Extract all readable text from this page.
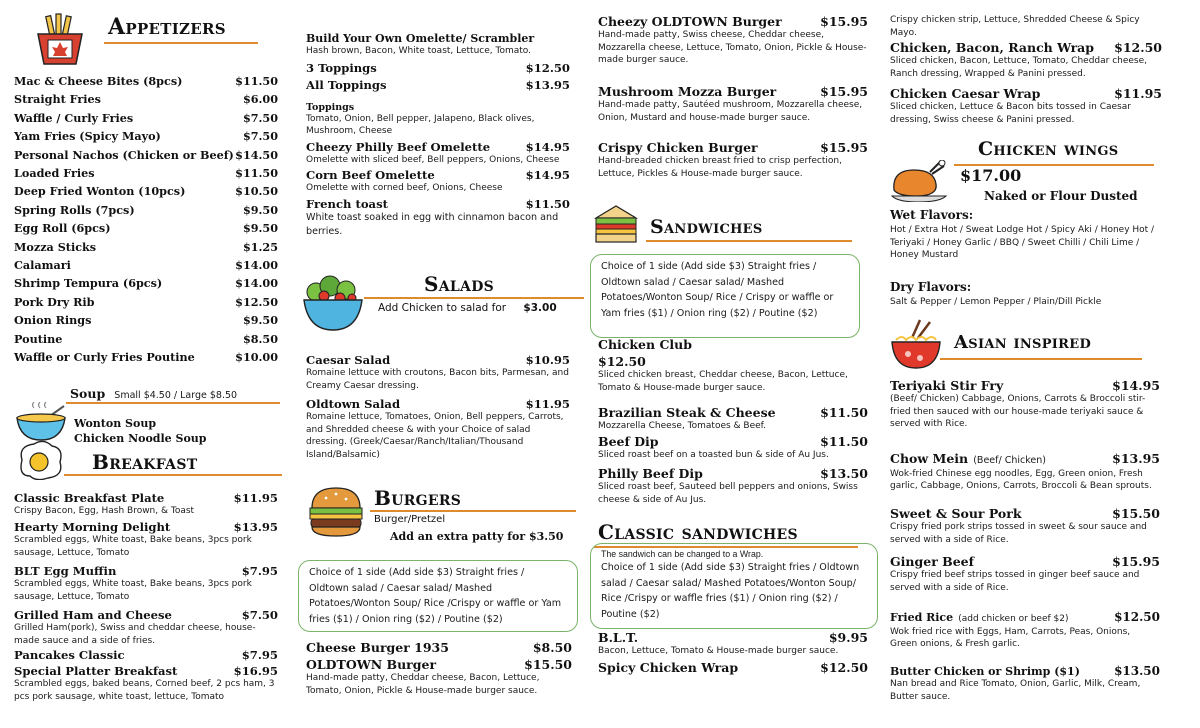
Appetizers
Mac & Cheese Bites (8pcs)	$11.50
Straight Fries	$6.00
Waffle / Curly Fries	$7.50
Yam Fries (Spicy Mayo)	$7.50
Personal Nachos (Chicken or Beef) $14.50
Loaded Fries	$11.50
Deep Fried Wonton (10pcs)	$10.50
Spring Rolls (7pcs)	$9.50
Egg Roll (6pcs)	$9.50
Mozza Sticks	$1.25
Calamari	$14.00
Shrimp Tempura (6pcs)	$14.00
Pork Dry Rib	$12.50
Onion Rings	$9.50
Poutine	$8.50
Waffle or Curly Fries Poutine	$10.00
Soup Small $4.50 / Large $8.50
Wonton Soup
Chicken Noodle Soup
Breakfast
Classic Breakfast Plate	$11.95
Crispy Bacon, Egg, Hash Brown, & Toast
Hearty Morning Delight	$13.95
Scrambled eggs, White toast, Bake beans, 3pcs pork sausage, Lettuce, Tomato
BLT Egg Muffin	$7.95
Scrambled eggs, White toast, Bake beans, 3pcs pork sausage, Lettuce, Tomato
Grilled Ham and Cheese	$7.50
Grilled Ham(pork), Swiss and cheddar cheese, house-made sauce and a side of fries.
Pancakes Classic	$7.95
Special Platter Breakfast	$16.95
Scrambled eggs, baked beans, Corned beef, 2 pcs ham, 3 pcs pork sausage, white toast, lettuce, Tomato
Build Your Own Omelette/ Scrambler
Hash brown, Bacon, White toast, Lettuce, Tomato.
3 Toppings	$12.50
All Toppings	$13.95
Toppings
Tomato, Onion, Bell pepper, Jalapeno, Black olives, Mushroom, Cheese
Cheezy Philly Beef Omelette	$14.95
Omelette with sliced beef, Bell peppers, Onions, Cheese
Corn Beef Omelette	$14.95
Omelette with corned beef, Onions, Cheese
French toast	$11.50
White toast soaked in egg with cinnamon bacon and berries.
Salads
Add Chicken to salad for $3.00
Caesar Salad	$10.95
Romaine lettuce with croutons, Bacon bits, Parmesan, and Creamy Caesar dressing.
Oldtown Salad	$11.95
Romaine lettuce, Tomatoes, Onion, Bell peppers, Carrots, and Shredded cheese & with your Choice of salad dressing. (Greek/Caesar/Ranch/Italian/Thousand Island/Balsamic)
Burgers
Burger/Pretzel
Add an extra patty for $3.50
Choice of 1 side (Add side $3) Straight fries / Oldtown salad / Caesar salad/ Mashed Potatoes/Wonton Soup/ Rice /Crispy or waffle or Yam fries ($1) / Onion ring ($2) / Poutine ($2)
Cheese Burger 1935	$8.50
OLDTOWN Burger	$15.50
Hand-made patty, Cheddar cheese, Bacon, Lettuce, Tomato, Onion, Pickle & House-made burger sauce.
Cheezy OLDTOWN Burger	$15.95
Hand-made patty, Swiss cheese, Cheddar cheese, Mozzarella cheese, Lettuce, Tomato, Onion, Pickle & House-made burger sauce.
Mushroom Mozza Burger	$15.95
Hand-made patty, Sautéed mushroom, Mozzarella cheese, Onion, Mustard and house-made burger sauce.
Crispy Chicken Burger	$15.95
Hand-breaded chicken breast fried to crisp perfection, Lettuce, Pickles & House-made burger sauce.
Sandwiches
Choice of 1 side (Add side $3) Straight fries / Oldtown salad / Caesar salad/ Mashed Potatoes/Wonton Soup/ Rice / Crispy or waffle or Yam fries ($1) / Onion ring ($2) / Poutine ($2)
Chicken Club
$12.50
Sliced chicken breast, Cheddar cheese, Bacon, Lettuce, Tomato & House-made burger sauce.
Brazilian Steak & Cheese	$11.50
Mozzarella Cheese, Tomatoes & Beef.
Beef Dip	$11.50
Sliced roast beef on a toasted bun & side of Au Jus.
Philly Beef Dip	$13.50
Sliced roast beef, Sauteed bell peppers and onions, Swiss cheese & side of Au Jus.
Classic sandwiches
The sandwich can be changed to a Wrap.
Choice of 1 side (Add side $3) Straight fries / Oldtown salad / Caesar salad/ Mashed Potatoes/Wonton Soup/ Rice /Crispy or waffle fries ($1) / Onion ring ($2) / Poutine ($2)
B.L.T.	$9.95
Bacon, Lettuce, Tomato & House-made burger sauce.
Spicy Chicken Wrap	$12.50
Crispy chicken strip, Lettuce, Shredded Cheese & Spicy Mayo.
Chicken, Bacon, Ranch Wrap $12.50
Sliced chicken, Bacon, Lettuce, Tomato, Cheddar cheese, Ranch dressing, Wrapped & Panini pressed.
Chicken Caesar Wrap	$11.95
Sliced chicken, Lettuce & Bacon bits tossed in Caesar dressing, Swiss cheese & Panini pressed.
Chicken wings
$17.00
Naked or Flour Dusted
Wet Flavors:
Hot / Extra Hot / Sweat Lodge Hot / Spicy Aki / Honey Hot / Teriyaki / Honey Garlic / BBQ / Sweet Chilli / Chili Lime / Honey Mustard
Dry Flavors:
Salt & Pepper / Lemon Pepper / Plain/Dill Pickle
Asian inspired
Teriyaki Stir Fry	$14.95
(Beef/ Chicken) Cabbage, Onions, Carrots & Broccoli stir-fried then sauced with our house-made teriyaki sauce & served with Rice.
Chow Mein (Beef/ Chicken)	$13.95
Wok-fried Chinese egg noodles, Egg, Green onion, Fresh garlic, Cabbage, Onions, Carrots, Broccoli & Bean sprouts.
Sweet & Sour Pork	$15.50
Crispy fried pork strips tossed in sweet & sour sauce and served with a side of Rice.
Ginger Beef	$15.95
Crispy fried beef strips tossed in ginger beef sauce and served with a side of Rice.
Fried Rice (add chicken or beef $2)	$12.50
Wok fried rice with Eggs, Ham, Carrots, Peas, Onions, Green onions, & Fresh garlic.
Butter Chicken or Shrimp ($1)	$13.50
Nan bread and Rice Tomato, Onion, Garlic, Milk, Cream, Butter sauce.
